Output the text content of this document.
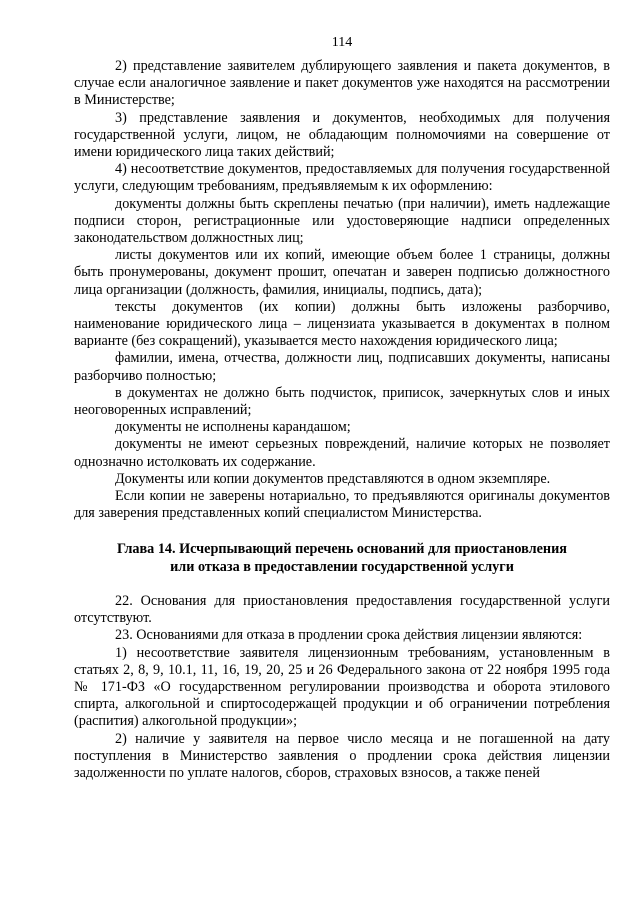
114

2) представление заявителем дублирующего заявления и пакета документов, в случае если аналогичное заявление и пакет документов уже находятся на рассмотрении в Министерстве;

3) представление заявления и документов, необходимых для получения государственной услуги, лицом, не обладающим полномочиями на совершение от имени юридического лица таких действий;

4) несоответствие документов, предоставляемых для получения государственной услуги, следующим требованиям, предъявляемым к их оформлению:

документы должны быть скреплены печатью (при наличии), иметь надлежащие подписи сторон, регистрационные или удостоверяющие надписи определенных законодательством должностных лиц;

листы документов или их копий, имеющие объем более 1 страницы, должны быть пронумерованы, документ прошит, опечатан и заверен подписью должностного лица организации (должность, фамилия, инициалы, подпись, дата);

тексты документов (их копии) должны быть изложены разборчиво, наименование юридического лица – лицензиата указывается в документах в полном варианте (без сокращений), указывается место нахождения юридического лица;

фамилии, имена, отчества, должности лиц, подписавших документы, написаны разборчиво полностью;

в документах не должно быть подчисток, приписок, зачеркнутых слов и иных неоговоренных исправлений;

документы не исполнены карандашом;

документы не имеют серьезных повреждений, наличие которых не позволяет однозначно истолковать их содержание.

Документы или копии документов представляются в одном экземпляре.

Если копии не заверены нотариально, то предъявляются оригиналы документов для заверения представленных копий специалистом Министерства.

Глава 14. Исчерпывающий перечень оснований для приостановления
или отказа в предоставлении государственной услуги

22. Основания для приостановления предоставления государственной услуги отсутствуют.

23. Основаниями для отказа в продлении срока действия лицензии являются:

1) несоответствие заявителя лицензионным требованиям, установленным в статьях 2, 8, 9, 10.1, 11, 16, 19, 20, 25 и 26 Федерального закона от 22 ноября 1995 года № 171-ФЗ «О государственном регулировании производства и оборота этилового спирта, алкогольной и спиртосодержащей продукции и об ограничении потребления (распития) алкогольной продукции»;

2) наличие у заявителя на первое число месяца и не погашенной на дату поступления в Министерство заявления о продлении срока действия лицензии задолженности по уплате налогов, сборов, страховых взносов, а также пеней
